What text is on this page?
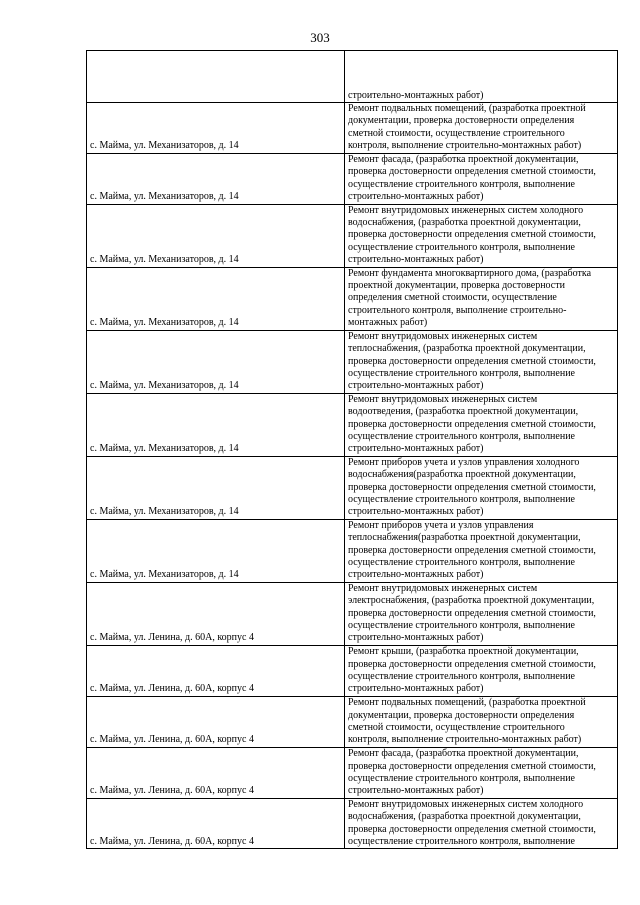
303

	строительно-монтажных работ)

с. Майма, ул. Механизаторов, д. 14	Ремонт подвальных помещений, (разработка проектной
документации, проверка достоверности определения
сметной стоимости, осуществление строительного
контроля, выполнение строительно-монтажных работ)

с. Майма, ул. Механизаторов, д. 14	Ремонт фасада, (разработка проектной документации,
проверка достоверности определения сметной стоимости,
осуществление строительного контроля, выполнение
строительно-монтажных работ)

с. Майма, ул. Механизаторов, д. 14	Ремонт внутридомовых инженерных систем холодного
водоснабжения, (разработка проектной документации,
проверка достоверности определения сметной стоимости,
осуществление строительного контроля, выполнение
строительно-монтажных работ)

с. Майма, ул. Механизаторов, д. 14	Ремонт фундамента многоквартирного дома, (разработка
проектной документации, проверка достоверности
определения сметной стоимости, осуществление
строительного контроля, выполнение строительно-
монтажных работ)

с. Майма, ул. Механизаторов, д. 14	Ремонт внутридомовых инженерных систем
теплоснабжения, (разработка проектной документации,
проверка достоверности определения сметной стоимости,
осуществление строительного контроля, выполнение
строительно-монтажных работ)

с. Майма, ул. Механизаторов, д. 14	Ремонт внутридомовых инженерных систем
водоотведения, (разработка проектной документации,
проверка достоверности определения сметной стоимости,
осуществление строительного контроля, выполнение
строительно-монтажных работ)

с. Майма, ул. Механизаторов, д. 14	Ремонт приборов учета и узлов управления холодного
водоснабжения(разработка проектной документации,
проверка достоверности определения сметной стоимости,
осуществление строительного контроля, выполнение
строительно-монтажных работ)

с. Майма, ул. Механизаторов, д. 14	Ремонт приборов учета и узлов управления
теплоснабжения(разработка проектной документации,
проверка достоверности определения сметной стоимости,
осуществление строительного контроля, выполнение
строительно-монтажных работ)

с. Майма, ул. Ленина, д. 60А, корпус 4	Ремонт внутридомовых инженерных систем
электроснабжения, (разработка проектной документации,
проверка достоверности определения сметной стоимости,
осуществление строительного контроля, выполнение
строительно-монтажных работ)

с. Майма, ул. Ленина, д. 60А, корпус 4	Ремонт крыши, (разработка проектной документации,
проверка достоверности определения сметной стоимости,
осуществление строительного контроля, выполнение
строительно-монтажных работ)

с. Майма, ул. Ленина, д. 60А, корпус 4	Ремонт подвальных помещений, (разработка проектной
документации, проверка достоверности определения
сметной стоимости, осуществление строительного
контроля, выполнение строительно-монтажных работ)

с. Майма, ул. Ленина, д. 60А, корпус 4	Ремонт фасада, (разработка проектной документации,
проверка достоверности определения сметной стоимости,
осуществление строительного контроля, выполнение
строительно-монтажных работ)

с. Майма, ул. Ленина, д. 60А, корпус 4	Ремонт внутридомовых инженерных систем холодного
водоснабжения, (разработка проектной документации,
проверка достоверности определения сметной стоимости,
осуществление строительного контроля, выполнение
